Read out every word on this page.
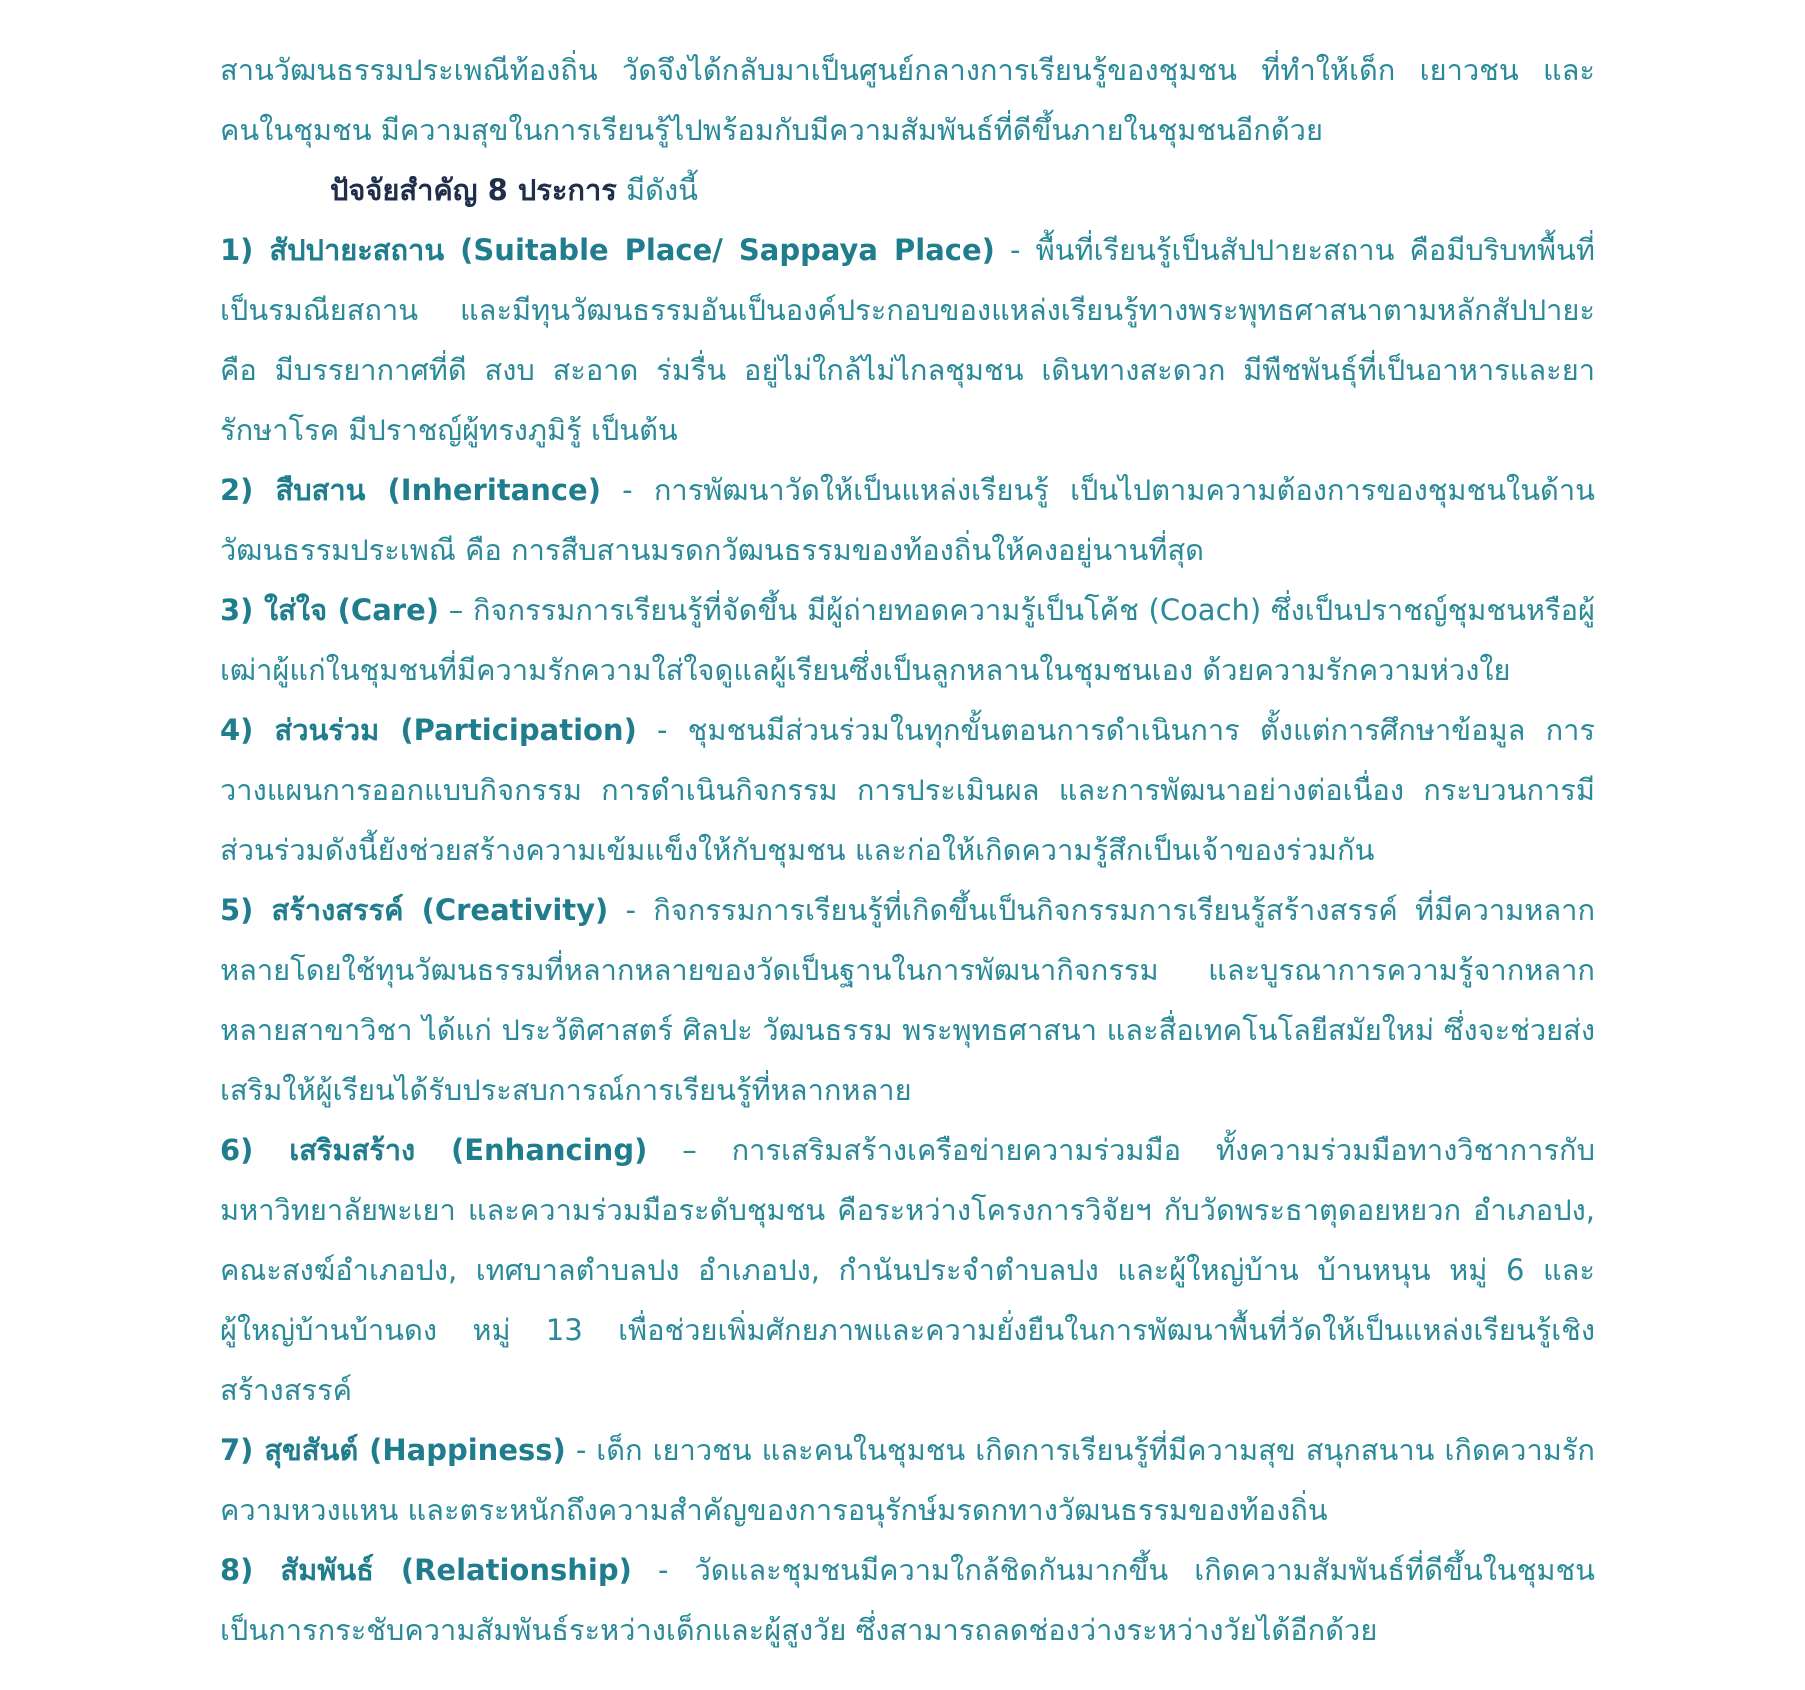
สานวัฒนธรรมประเพณีท้องถิ่น วัดจึงได้กลับมาเป็นศูนย์กลางการเรียนรู้ของชุมชน ที่ทำให้เด็ก เยาวชน และคนในชุมชน มีความสุขในการเรียนรู้ไปพร้อมกับมีความสัมพันธ์ที่ดีขึ้นภายในชุมชนอีกด้วย

ปัจจัยสำคัญ 8 ประการ มีดังนี้

1) สัปปายะสถาน (Suitable Place/ Sappaya Place) - พื้นที่เรียนรู้เป็นสัปปายะสถาน คือมีบริบทพื้นที่เป็นรมณียสถาน และมีทุนวัฒนธรรมอันเป็นองค์ประกอบของแหล่งเรียนรู้ทางพระพุทธศาสนาตามหลักสัปปายะ คือ มีบรรยากาศที่ดี สงบ สะอาด ร่มรื่น อยู่ไม่ใกล้ไม่ไกลชุมชน เดินทางสะดวก มีพืชพันธุ์ที่เป็นอาหารและยารักษาโรค มีปราชญ์ผู้ทรงภูมิรู้ เป็นต้น

2) สืบสาน (Inheritance) - การพัฒนาวัดให้เป็นแหล่งเรียนรู้ เป็นไปตามความต้องการของชุมชนในด้านวัฒนธรรมประเพณี คือ การสืบสานมรดกวัฒนธรรมของท้องถิ่นให้คงอยู่นานที่สุด

3) ใส่ใจ (Care) – กิจกรรมการเรียนรู้ที่จัดขึ้น มีผู้ถ่ายทอดความรู้เป็นโค้ช (Coach) ซึ่งเป็นปราชญ์ชุมชนหรือผู้เฒ่าผู้แก่ในชุมชนที่มีความรักความใส่ใจดูแลผู้เรียนซึ่งเป็นลูกหลานในชุมชนเอง ด้วยความรักความห่วงใย

4) ส่วนร่วม (Participation) - ชุมชนมีส่วนร่วมในทุกขั้นตอนการดำเนินการ ตั้งแต่การศึกษาข้อมูล การวางแผนการออกแบบกิจกรรม การดำเนินกิจกรรม การประเมินผล และการพัฒนาอย่างต่อเนื่อง กระบวนการมีส่วนร่วมดังนี้ยังช่วยสร้างความเข้มแข็งให้กับชุมชน และก่อให้เกิดความรู้สึกเป็นเจ้าของร่วมกัน

5) สร้างสรรค์ (Creativity) - กิจกรรมการเรียนรู้ที่เกิดขึ้นเป็นกิจกรรมการเรียนรู้สร้างสรรค์ ที่มีความหลากหลายโดยใช้ทุนวัฒนธรรมที่หลากหลายของวัดเป็นฐานในการพัฒนากิจกรรม และบูรณาการความรู้จากหลากหลายสาขาวิชา ได้แก่ ประวัติศาสตร์ ศิลปะ วัฒนธรรม พระพุทธศาสนา และสื่อเทคโนโลยีสมัยใหม่ ซึ่งจะช่วยส่งเสริมให้ผู้เรียนได้รับประสบการณ์การเรียนรู้ที่หลากหลาย

6) เสริมสร้าง (Enhancing) – การเสริมสร้างเครือข่ายความร่วมมือ ทั้งความร่วมมือทางวิชาการกับมหาวิทยาลัยพะเยา และความร่วมมือระดับชุมชน คือระหว่างโครงการวิจัยฯ กับวัดพระธาตุดอยหยวก อำเภอปง, คณะสงฆ์อำเภอปง, เทศบาลตำบลปง อำเภอปง, กำนันประจำตำบลปง และผู้ใหญ่บ้าน บ้านหนุน หมู่ 6 และผู้ใหญ่บ้านบ้านดง หมู่ 13 เพื่อช่วยเพิ่มศักยภาพและความยั่งยืนในการพัฒนาพื้นที่วัดให้เป็นแหล่งเรียนรู้เชิงสร้างสรรค์

7) สุขสันต์ (Happiness) - เด็ก เยาวชน และคนในชุมชน เกิดการเรียนรู้ที่มีความสุข สนุกสนาน เกิดความรัก ความหวงแหน และตระหนักถึงความสำคัญของการอนุรักษ์มรดกทางวัฒนธรรมของท้องถิ่น

8) สัมพันธ์ (Relationship) - วัดและชุมชนมีความใกล้ชิดกันมากขึ้น เกิดความสัมพันธ์ที่ดีขึ้นในชุมชน เป็นการกระชับความสัมพันธ์ระหว่างเด็กและผู้สูงวัย ซึ่งสามารถลดช่องว่างระหว่างวัยได้อีกด้วย
